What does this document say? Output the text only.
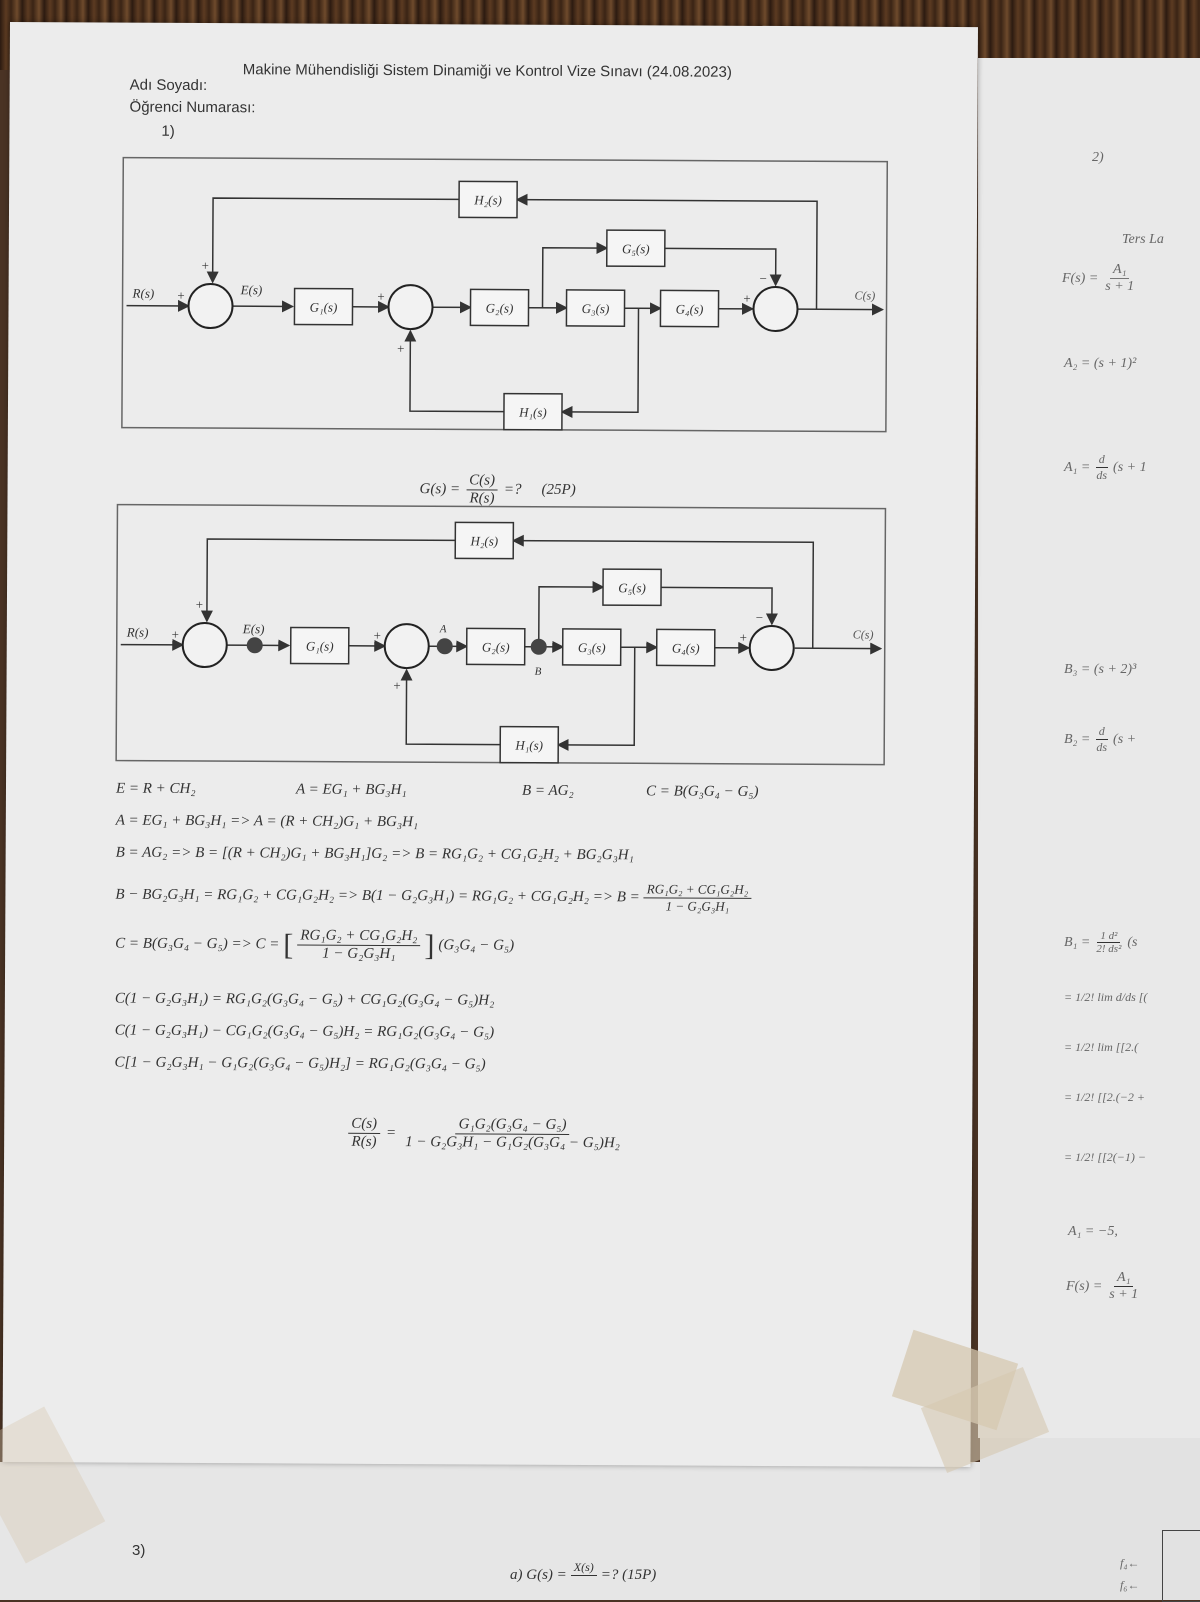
Makine Mühendisliği Sistem Dinamiği ve Kontrol Vize Sınavı (24.08.2023)
Adı Soyadı:
Öğrenci Numarası:
1)
H₂(s)
G₅(s)
G₁(s)	G₂(s)	G₃(s)	G₄(s)
H₁(s)
R(s)	E(s)
+
+
+
+
+
−
C(s)
$G(s) = \frac{C(s)}{R(s)}$ =? (25P)
H₂(s)
G₅(s)
G₁(s)	G₂(s)	G₃(s)	G₄(s)
H₁(s)
R(s)	E(s)	A
B
+
+
+
+
+
−
C(s)
E = R + CH₂	A = EG₁ + BG₃H₁	B = AG₂	C = B(G₃G₄ − G₅)
A = EG₁ + BG₃H₁ => A = (R + CH₂)G₁ + BG₃H₁
B = AG₂ => B = [(R + CH₂)G₁ + BG₃H₁]G₂ => B = RG₁G₂ + CG₁G₂H₂ + BG₂G₃H₁
$B - BG_2G_3H_1 = RG_1G_2 + CG_1G_2H_2 => B(1 - G_2G_3H_1) = RG_1G_2 + CG_1G_2H_2 => B = \frac{\text{RG₁G₂ + CG₁G₂H₂}}{\text{1 − G₂G₃H₁}}$
C = B(G₃G₄ − G₅) => C = [ $\frac{\text{RG₁G₂ + CG₁G₂H₂}}{\text{1 − G₂G₃H₁}}$ ] (G₃G₄ − G₅)
C(1 − G₂G₃H₁) = RG₁G₂(G₃G₄ − G₅) + CG₁G₂(G₃G₄ − G₅)H₂
C(1 − G₂G₃H₁) − CG₁G₂(G₃G₄ − G₅)H₂ = RG₁G₂(G₃G₄ − G₅)
C[1 − G₂G₃H₁ − G₁G₂(G₃G₄ − G₅)H₂] = RG₁G₂(G₃G₄ − G₅)
$\frac{C(s)}{R(s)} = \frac{\text{G₁G₂(G₃G₄ − G₅)}}{\text{1 − G₂G₃H₁ − G₁G₂(G₃G₄ − G₅)H₂}}$
3)
a) G(s) = X(s)
=? (15P)
2)
Ters La
$F(s) = \frac{\text{A₁}}{s + 1}$
A₂ = (s + 1)²
$A_1 = \frac{d}{ds} (s + 1$
B₃ = (s + 2)³
$B_2 = \frac{d}{ds} (s$ +
$B_1 = \frac{\text{1 d²}}{\text{2! ds²}} (s$
= 1/2! lim d/ds [(
= 1/2! lim [[2.(
= 1/2! [[2.(−2 +
= 1/2! [[2(−1) −
A₁ = −5,
$F(s) = \frac{\text{A₁}}{s + 1}$
f₄←
f₆←
